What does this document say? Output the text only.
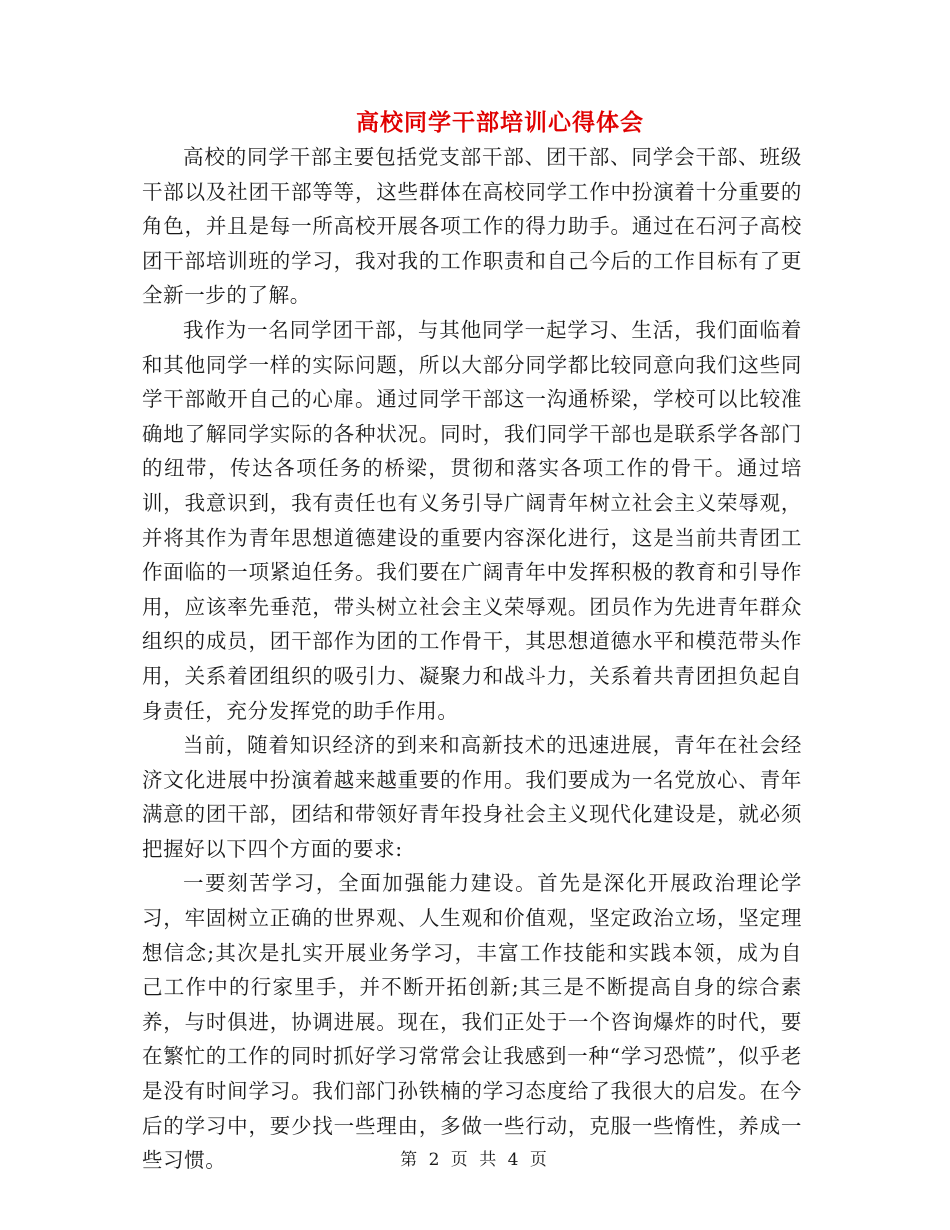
高校同学干部培训心得体会

高校的同学干部主要包括党支部干部、团干部、同学会干部、班级干部以及社团干部等等，这些群体在高校同学工作中扮演着十分重要的角色，并且是每一所高校开展各项工作的得力助手。通过在石河子高校团干部培训班的学习，我对我的工作职责和自己今后的工作目标有了更全新一步的了解。

我作为一名同学团干部，与其他同学一起学习、生活，我们面临着和其他同学一样的实际问题，所以大部分同学都比较同意向我们这些同学干部敞开自己的心扉。通过同学干部这一沟通桥梁，学校可以比较准确地了解同学实际的各种状况。同时，我们同学干部也是联系学各部门的纽带，传达各项任务的桥梁，贯彻和落实各项工作的骨干。通过培训，我意识到，我有责任也有义务引导广阔青年树立社会主义荣辱观，并将其作为青年思想道德建设的重要内容深化进行，这是当前共青团工作面临的一项紧迫任务。我们要在广阔青年中发挥积极的教育和引导作用，应该率先垂范，带头树立社会主义荣辱观。团员作为先进青年群众组织的成员，团干部作为团的工作骨干，其思想道德水平和模范带头作用，关系着团组织的吸引力、凝聚力和战斗力，关系着共青团担负起自身责任，充分发挥党的助手作用。

当前，随着知识经济的到来和高新技术的迅速进展，青年在社会经济文化进展中扮演着越来越重要的作用。我们要成为一名党放心、青年满意的团干部，团结和带领好青年投身社会主义现代化建设是，就必须把握好以下四个方面的要求:

一要刻苦学习，全面加强能力建设。首先是深化开展政治理论学习，牢固树立正确的世界观、人生观和价值观，坚定政治立场，坚定理想信念;其次是扎实开展业务学习，丰富工作技能和实践本领，成为自己工作中的行家里手，并不断开拓创新;其三是不断提高自身的综合素养，与时俱进，协调进展。现在，我们正处于一个咨询爆炸的时代，要在繁忙的工作的同时抓好学习常常会让我感到一种“学习恐慌”，似乎老是没有时间学习。我们部门孙铁楠的学习态度给了我很大的启发。在今后的学习中，要少找一些理由，多做一些行动，克服一些惰性，养成一些习惯。	第 2 页 共 4 页
